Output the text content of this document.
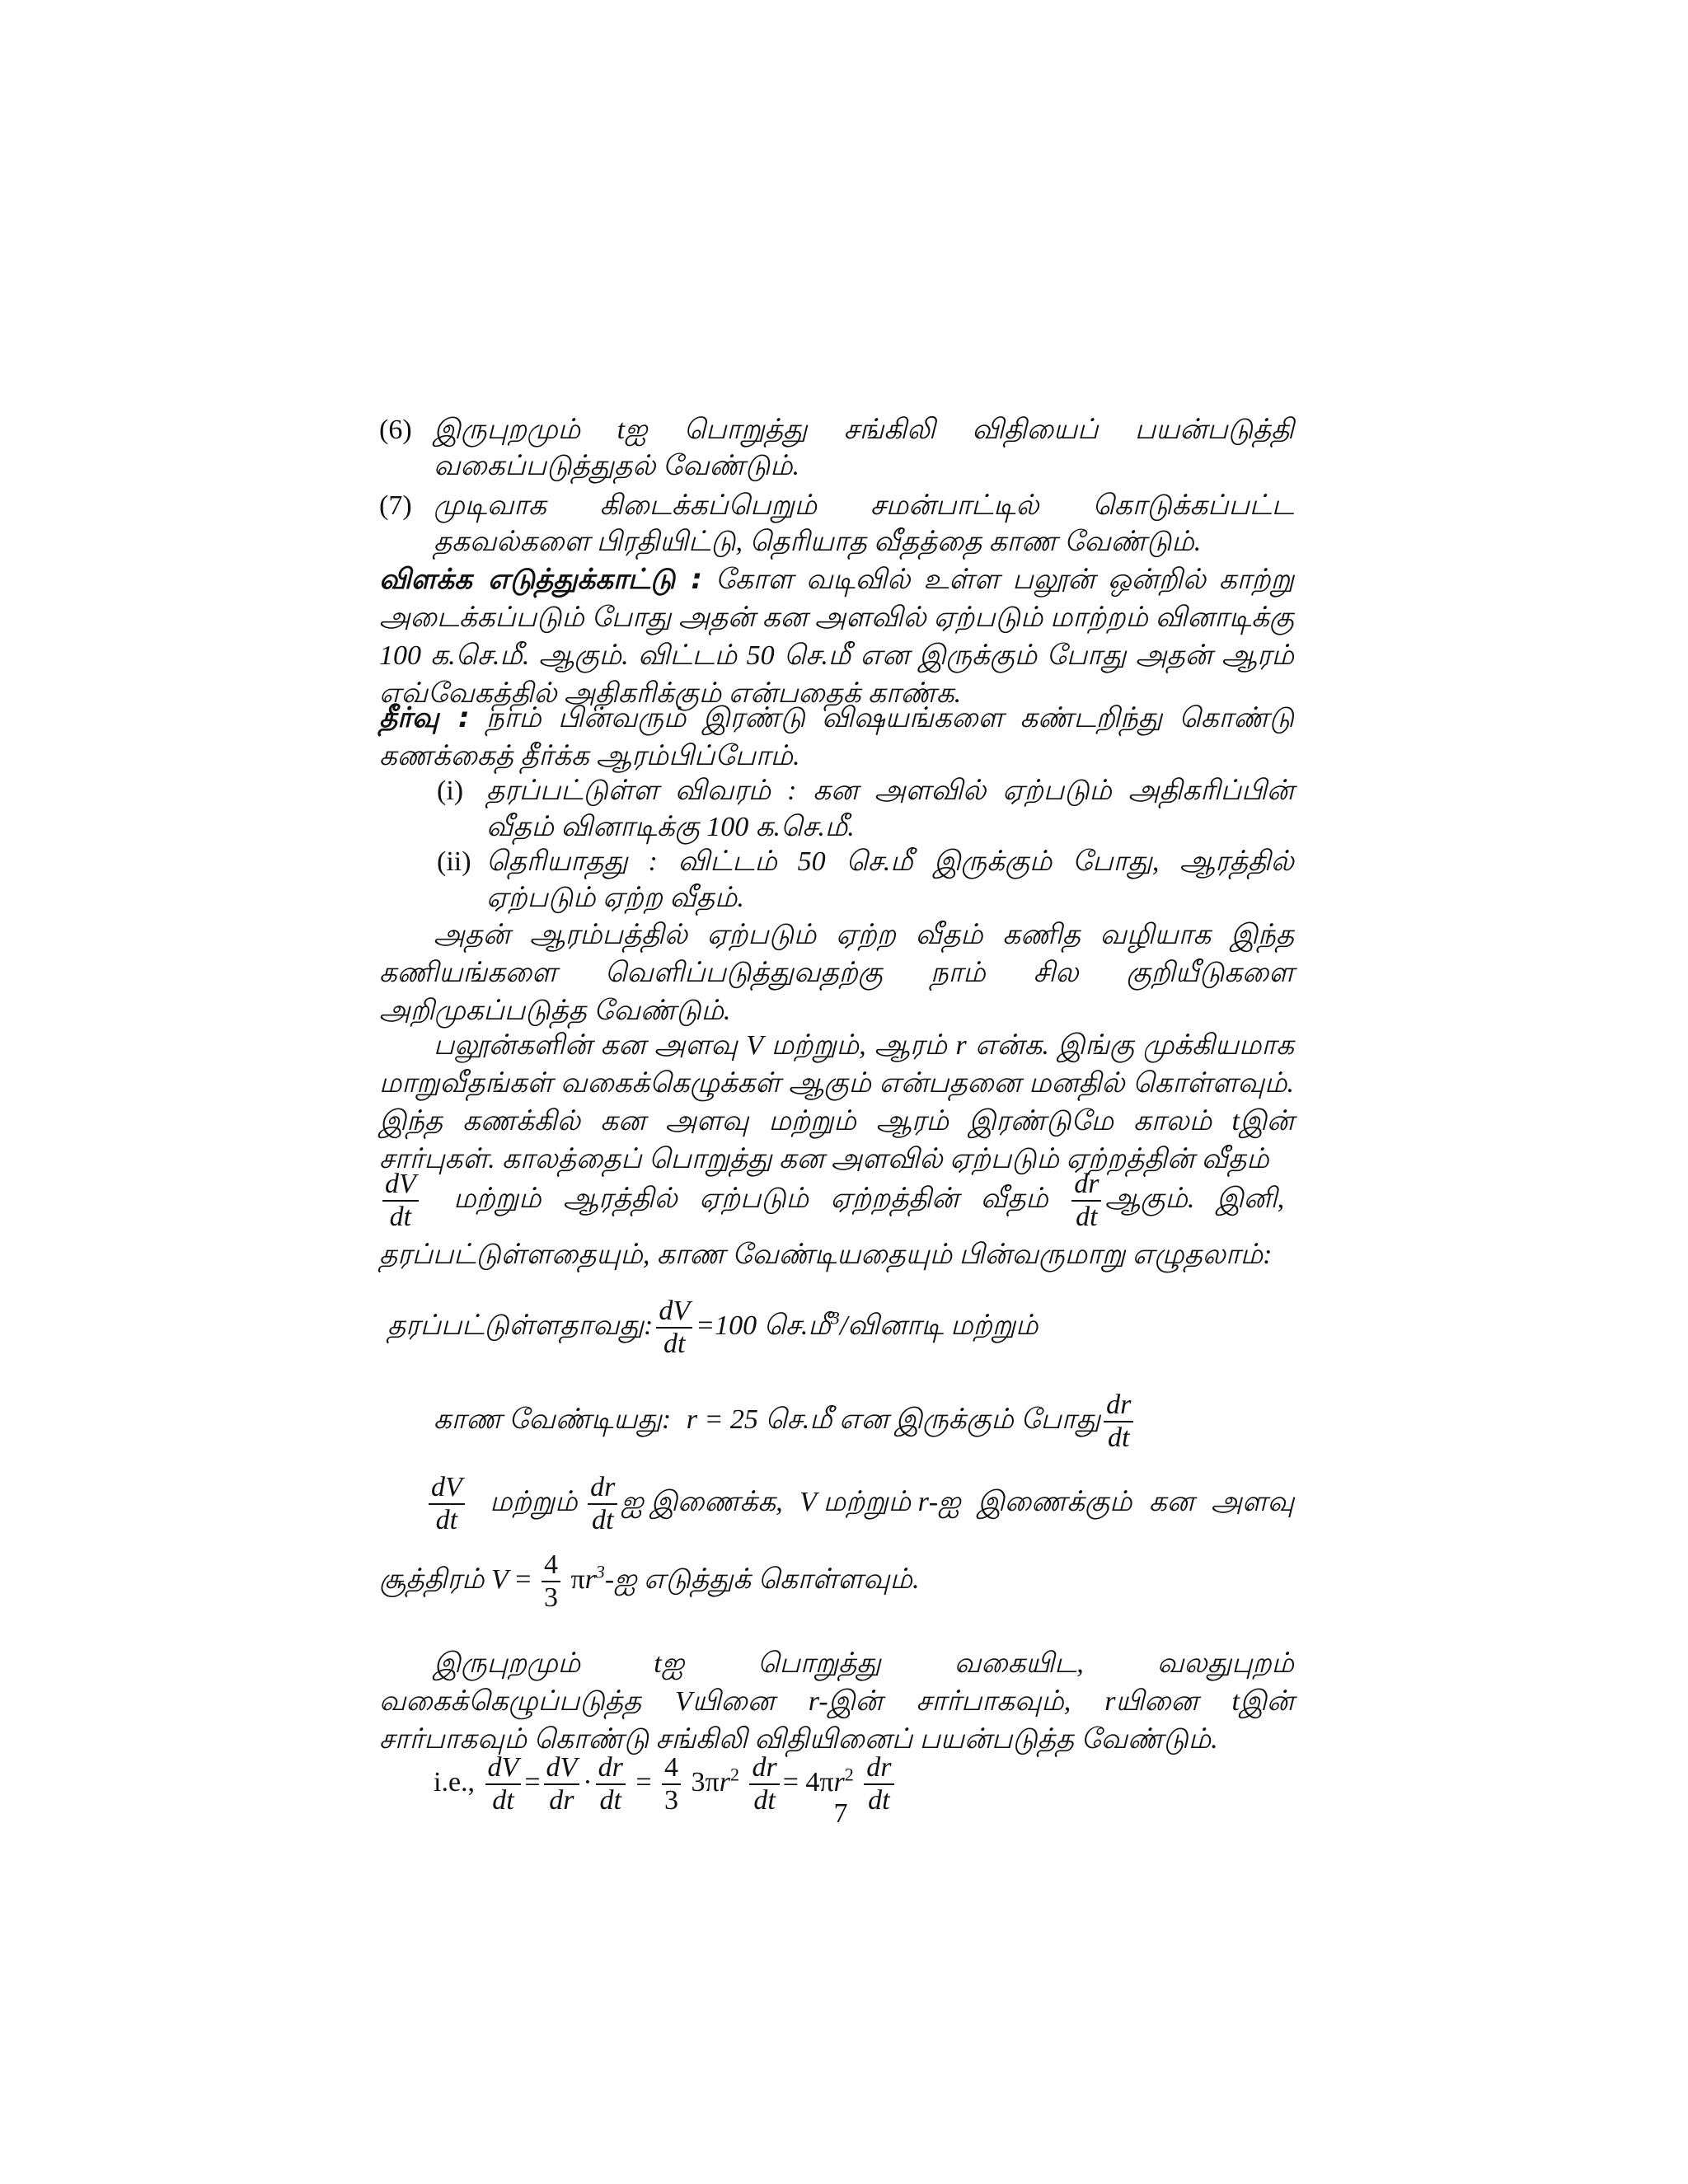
(6) இருபுறமும் tஐ பொறுத்து சங்கிலி விதியைப் பயன்படுத்தி வகைப்படுத்துதல் வேண்டும்.
(7) முடிவாக கிடைக்கப்பெறும் சமன்பாட்டில் கொடுக்கப்பட்ட தகவல்களை பிரதியிட்டு, தெரியாத வீதத்தை காண வேண்டும்.
விளக்க எடுத்துக்காட்டு : கோள வடிவில் உள்ள பலூன் ஒன்றில் காற்று அடைக்கப்படும் போது அதன் கன அளவில் ஏற்படும் மாற்றம் வினாடிக்கு 100 க.செ.மீ. ஆகும். விட்டம் 50 செ.மீ என இருக்கும் போது அதன் ஆரம் எவ்வேகத்தில் அதிகரிக்கும் என்பதைக் காண்க.
தீர்வு : நாம் பின்வரும் இரண்டு விஷயங்களை கண்டறிந்து கொண்டு கணக்கைத் தீர்க்க ஆரம்பிப்போம்.
(i) தரப்பட்டுள்ள விவரம் : கன அளவில் ஏற்படும் அதிகரிப்பின் வீதம் வினாடிக்கு 100 க.செ.மீ.
(ii) தெரியாதது : விட்டம் 50 செ.மீ இருக்கும் போது, ஆரத்தில் ஏற்படும் ஏற்ற வீதம்.
அதன் ஆரம்பத்தில் ஏற்படும் ஏற்ற வீதம் கணித வழியாக இந்த கணியங்களை வெளிப்படுத்துவதற்கு நாம் சில குறியீடுகளை அறிமுகப்படுத்த வேண்டும்.
பலூன்களின் கன அளவு V மற்றும், ஆரம் r என்க. இங்கு முக்கியமாக மாறுவீதங்கள் வகைக்கெழுக்கள் ஆகும் என்பதனை மனதில் கொள்ளவும். இந்த கணக்கில் கன அளவு மற்றும் ஆரம் இரண்டுமே காலம் tஇன் சார்புகள். காலத்தைப் பொறுத்து கன அளவில் ஏற்படும் ஏற்றத்தின் வீதம்
$\frac{dV}{dt}$ மற்றும் ஆரத்தில் ஏற்படும் ஏற்றத்தின் வீதம் $\frac{dr}{dt}$ ஆகும். இனி,
தரப்பட்டுள்ளதையும், காண வேண்டியதையும் பின்வருமாறு எழுதலாம்:
தரப்பட்டுள்ளதாவது: $\frac{dV}{dt} =100$ செ.மீ$^3$/வினாடி மற்றும்
காண வேண்டியது: r = 25 செ.மீ என இருக்கும் போது $\frac{dr}{dt}$
$\frac{dV}{dt}$ மற்றும் $\frac{dr}{dt}$ ஐ இணைக்க, V மற்றும் r-ஐ இணைக்கும் கன அளவு
சூத்திரம் $V = \frac{4}{3}$ $\pi r^3-ஐ$ எடுத்துக் கொள்ளவும்.
இருபுறமும் tஐ பொறுத்து வகையிட, வலதுபுறம் வகைக்கெழுப்படுத்த Vயினை r-இன் சார்பாகவும், rயினை tஇன் சார்பாகவும் கொண்டு சங்கிலி விதியினைப் பயன்படுத்த வேண்டும்.
i.e., $\frac{dV}{dt} = \frac{dV}{dr} \cdot \frac{dr}{dt} = \frac{4}{3} 3\pi r^2 \frac{dr}{dt} = 4\pi r^2 \frac{dr}{dt}$
7
